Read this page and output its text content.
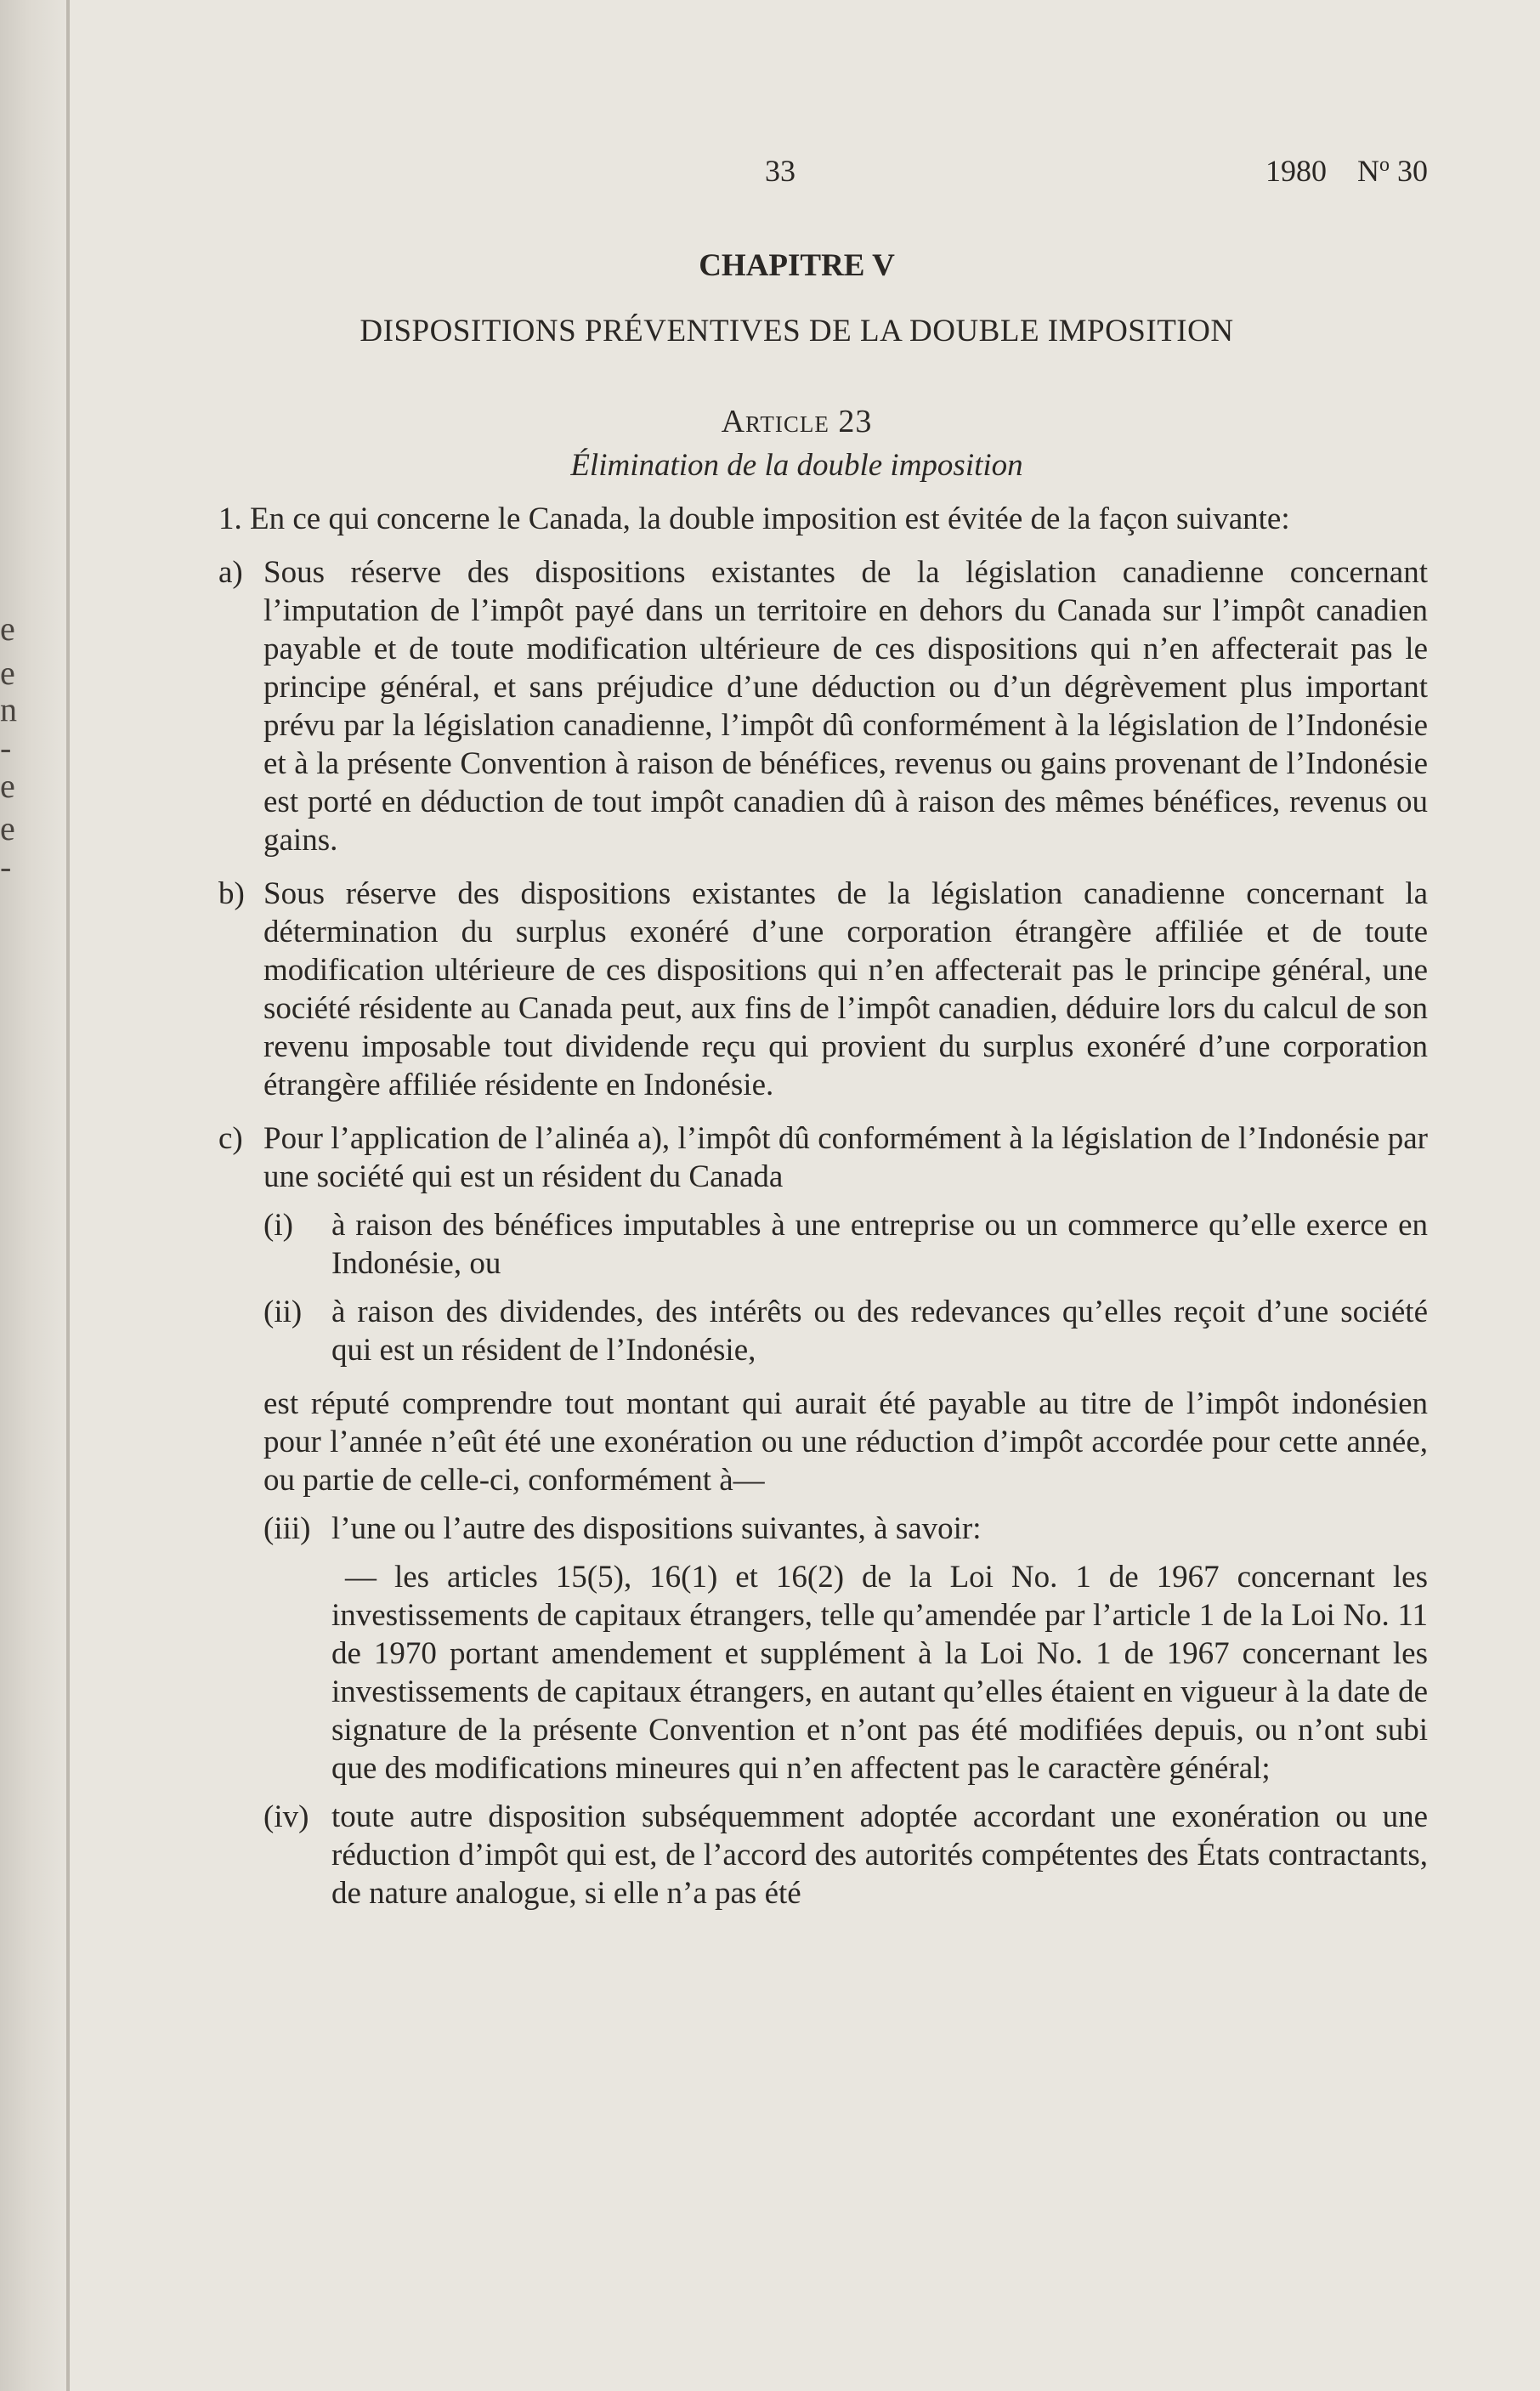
e
e
n
-
e
e
-
33	1980 $N^o$ 30

CHAPITRE V

DISPOSITIONS PRÉVENTIVES DE LA DOUBLE IMPOSITION

Article 23

Élimination de la double imposition

1. En ce qui concerne le Canada, la double imposition est évitée de la façon suivante:

a) Sous réserve des dispositions existantes de la législation canadienne concernant l’imputation de l’impôt payé dans un territoire en dehors du Canada sur l’impôt canadien payable et de toute modification ultérieure de ces dispositions qui n’en affecterait pas le principe général, et sans préjudice d’une déduction ou d’un dégrèvement plus important prévu par la législation canadienne, l’impôt dû conformément à la législation de l’Indonésie et à la présente Convention à raison de bénéfices, revenus ou gains provenant de l’Indonésie est porté en déduction de tout impôt canadien dû à raison des mêmes bénéfices, revenus ou gains.

b) Sous réserve des dispositions existantes de la législation canadienne concernant la détermination du surplus exonéré d’une corporation étrangère affiliée et de toute modification ultérieure de ces dispositions qui n’en affecterait pas le principe général, une société résidente au Canada peut, aux fins de l’impôt canadien, déduire lors du calcul de son revenu imposable tout dividende reçu qui provient du surplus exonéré d’une corporation étrangère affiliée résidente en Indonésie.

c) Pour l’application de l’alinéa a), l’impôt dû conformément à la législation de l’Indonésie par une société qui est un résident du Canada

(i) à raison des bénéfices imputables à une entreprise ou un commerce qu’elle exerce en Indonésie, ou

(ii) à raison des dividendes, des intérêts ou des redevances qu’elles reçoit d’une société qui est un résident de l’Indonésie,

est réputé comprendre tout montant qui aurait été payable au titre de l’impôt indonésien pour l’année n’eût été une exonération ou une réduction d’impôt accordée pour cette année, ou partie de celle-ci, conformément à—

(iii) l’une ou l’autre des dispositions suivantes, à savoir:

— les articles 15(5), 16(1) et 16(2) de la Loi No. 1 de 1967 concernant les investissements de capitaux étrangers, telle qu’amendée par l’article 1 de la Loi No. 11 de 1970 portant amendement et supplément à la Loi No. 1 de 1967 concernant les investissements de capitaux étrangers, en autant qu’elles étaient en vigueur à la date de signature de la présente Convention et n’ont pas été modifiées depuis, ou n’ont subi que des modifications mineures qui n’en affectent pas le caractère général;

(iv) toute autre disposition subséquemment adoptée accordant une exonération ou une réduction d’impôt qui est, de l’accord des autorités compétentes des États contractants, de nature analogue, si elle n’a pas été
